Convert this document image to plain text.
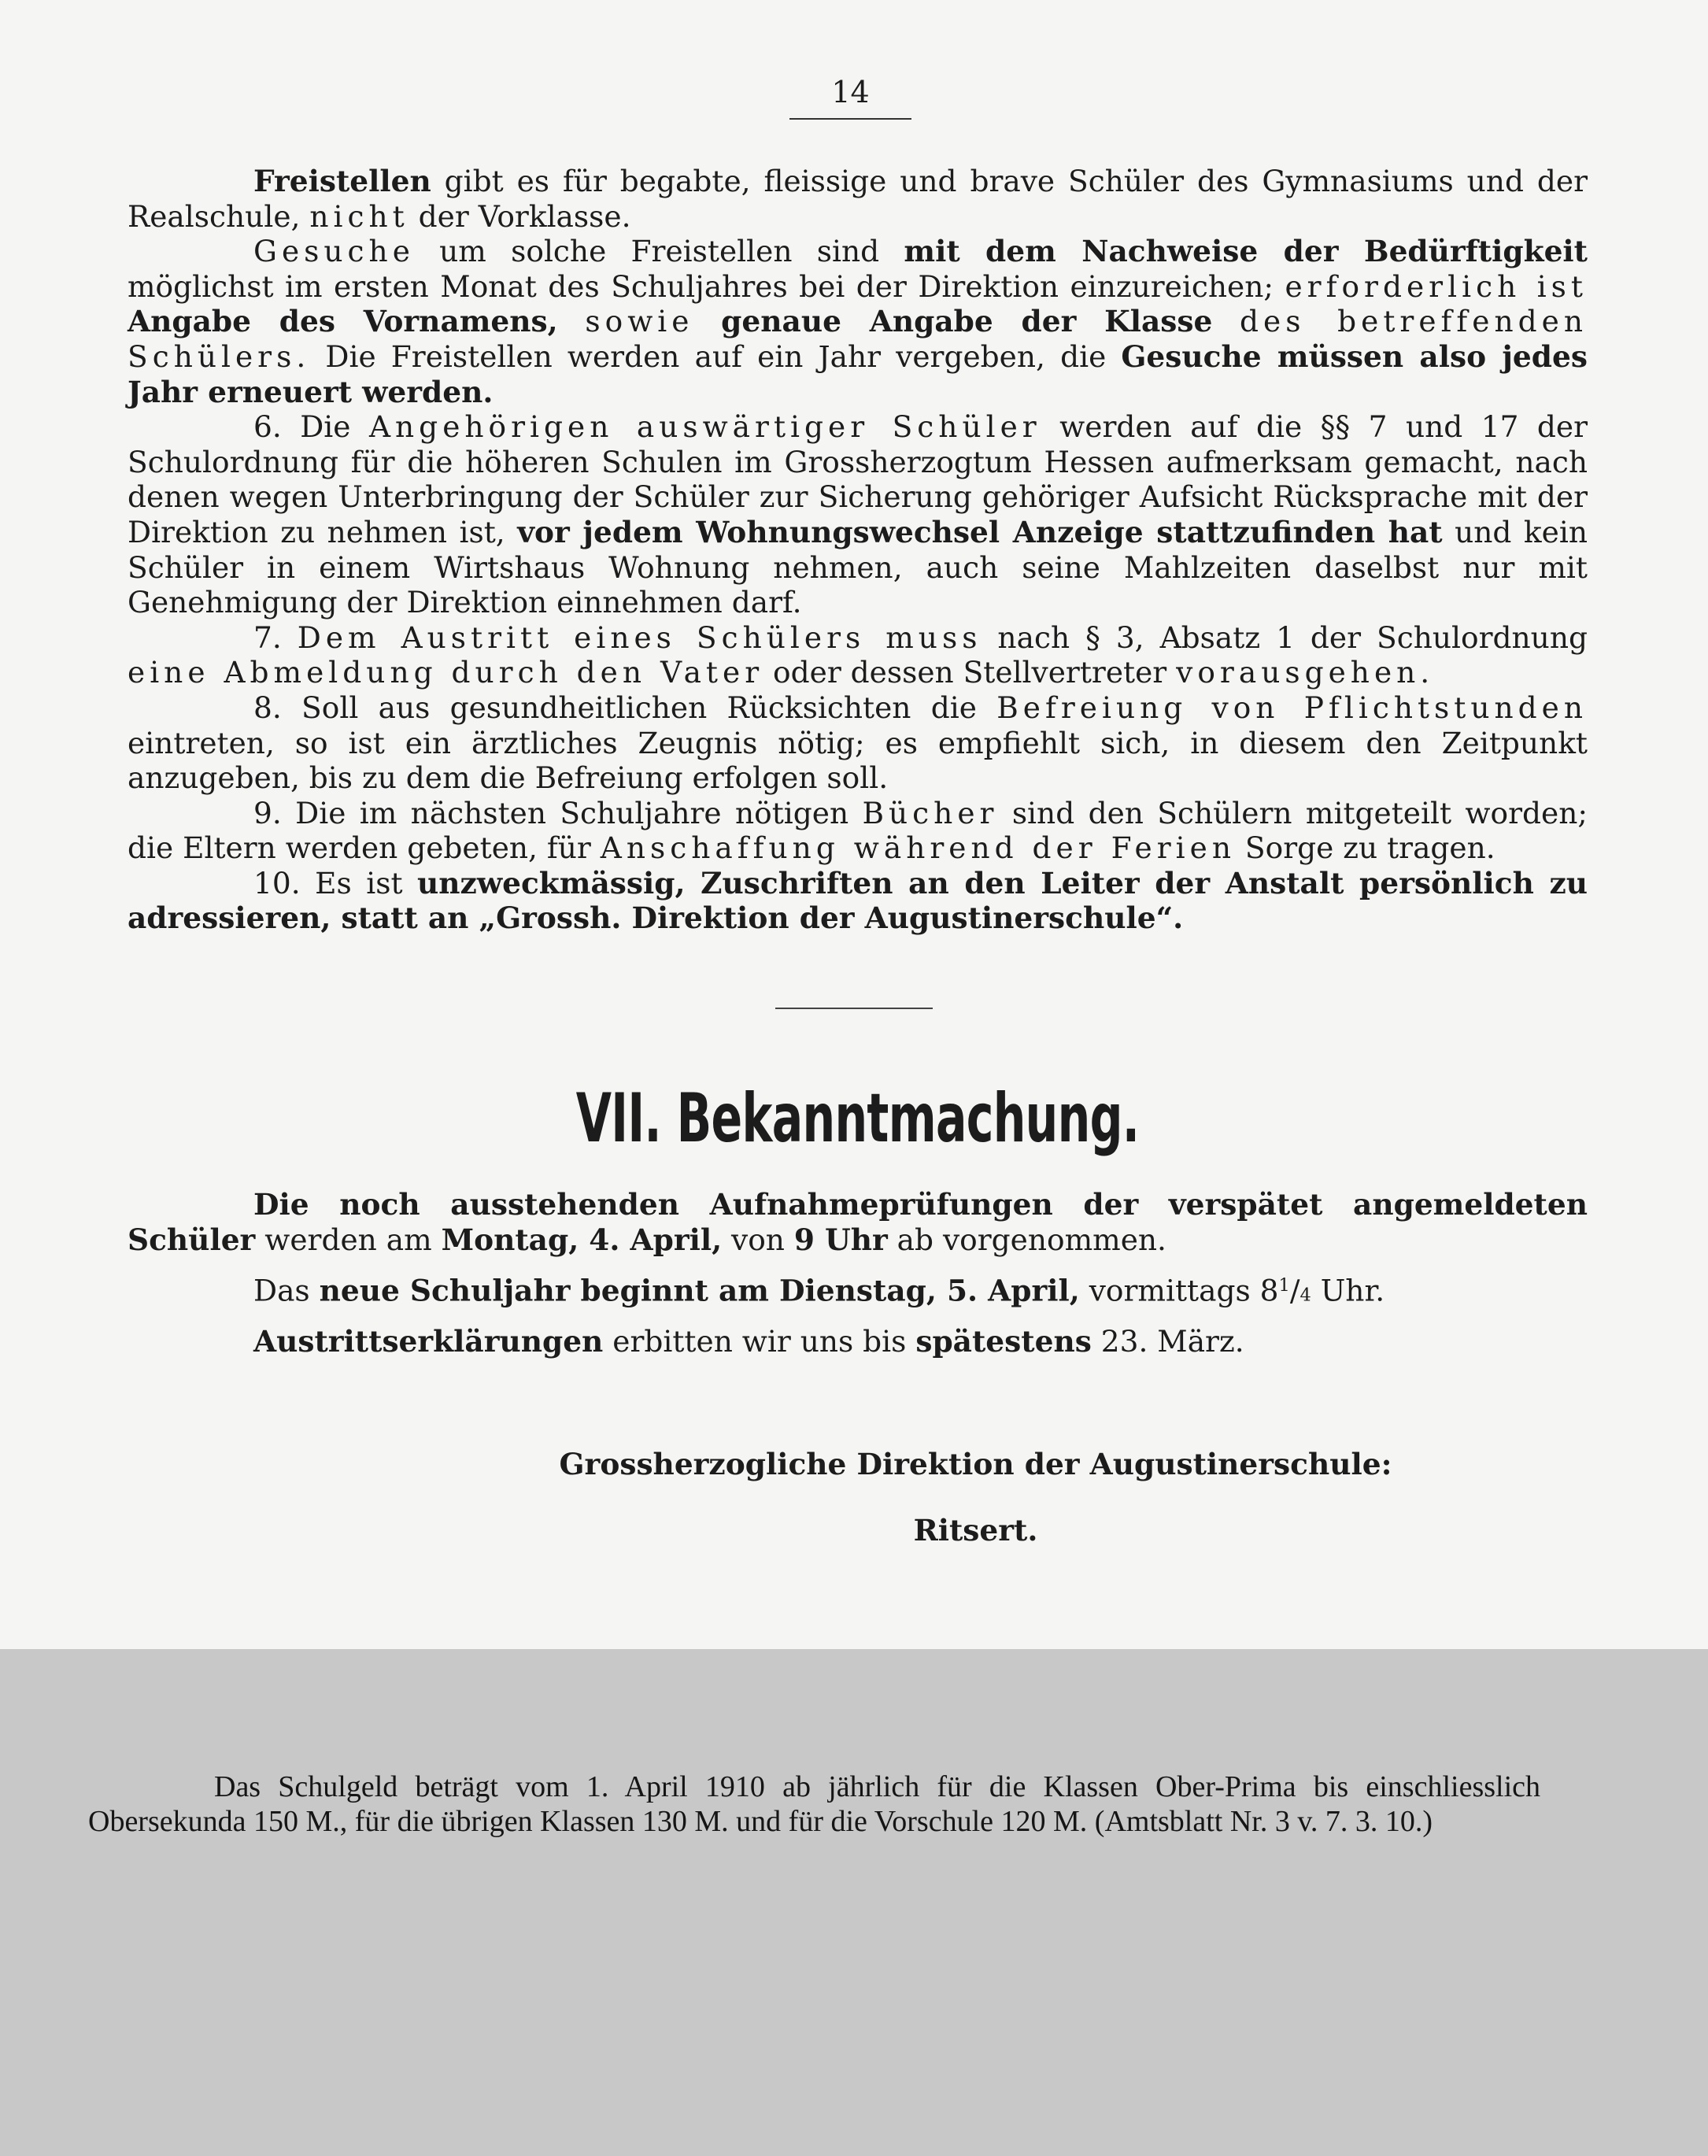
14

Freistellen gibt es für begabte, fleissige und brave Schüler des Gymnasiums und der Realschule, nicht der Vorklasse.

Gesuche um solche Freistellen sind mit dem Nachweise der Bedürftigkeit möglichst im ersten Monat des Schuljahres bei der Direktion einzureichen; erforderlich ist Angabe des Vornamens, sowie genaue Angabe der Klasse des betreffenden Schülers. Die Freistellen werden auf ein Jahr vergeben, die Gesuche müssen also jedes Jahr erneuert werden.

6. Die Angehörigen auswärtiger Schüler werden auf die §§ 7 und 17 der Schulordnung für die höheren Schulen im Grossherzogtum Hessen aufmerksam gemacht, nach denen wegen Unterbringung der Schüler zur Sicherung gehöriger Aufsicht Rücksprache mit der Direktion zu nehmen ist, vor jedem Wohnungswechsel Anzeige stattzufinden hat und kein Schüler in einem Wirtshaus Wohnung nehmen, auch seine Mahlzeiten daselbst nur mit Genehmigung der Direktion einnehmen darf.

7. Dem Austritt eines Schülers muss nach § 3, Absatz 1 der Schulordnung eine Abmeldung durch den Vater oder dessen Stellvertreter vorausgehen.

8. Soll aus gesundheitlichen Rücksichten die Befreiung von Pflichtstunden eintreten, so ist ein ärztliches Zeugnis nötig; es empfiehlt sich, in diesem den Zeitpunkt anzugeben, bis zu dem die Befreiung erfolgen soll.

9. Die im nächsten Schuljahre nötigen Bücher sind den Schülern mitgeteilt worden; die Eltern werden gebeten, für Anschaffung während der Ferien Sorge zu tragen.

10. Es ist unzweckmässig, Zuschriften an den Leiter der Anstalt persönlich zu adressieren, statt an „Grossh. Direktion der Augustinerschule“.

VII. Bekanntmachung.

Die noch ausstehenden Aufnahmeprüfungen der verspätet angemeldeten Schüler werden am Montag, 4. April, von 9 Uhr ab vorgenommen.

Das neue Schuljahr beginnt am Dienstag, 5. April, vormittags $8^1/4$ Uhr.

Austrittserklärungen erbitten wir uns bis spätestens 23. März.

Grossherzogliche Direktion der Augustinerschule:
Ritsert.

Das Schulgeld beträgt vom 1. April 1910 ab jährlich für die Klassen Ober-Prima bis einschliesslich Obersekunda 150 M., für die übrigen Klassen 130 M. und für die Vorschule 120 M. (Amtsblatt Nr. 3 v. 7. 3. 10.)
